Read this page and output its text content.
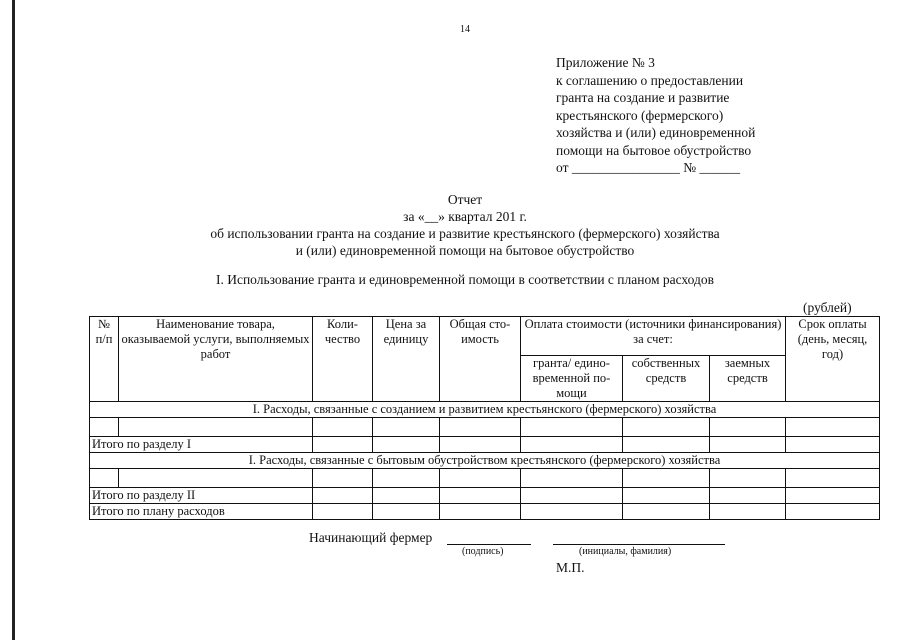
14
Приложение № 3
к соглашению о предоставлении
гранта на создание и развитие
крестьянского (фермерского)
хозяйства и (или) единовременной
помощи на бытовое обустройство
от ________________ № ______
Отчет
за «__» квартал 201 г.
об использовании гранта на создание и развитие крестьянского (фермерского) хозяйства
и (или) единовременной помощи на бытовое обустройство
I. Использование гранта и единовременной помощи в соответствии с планом расходов
(рублей)
№ п/п	Наименование товара, оказываемой услуги, выполняемых работ	Коли-чество	Цена за единицу	Общая сто-имость	Оплата стоимости (источники финансирования) за счет:			Срок оплаты (день, месяц, год)
					гранта/ едино-временной по-мощи	собственных средств	заемных средств	
I. Расходы, связанные с созданием и развитием крестьянского (фермерского) хозяйства								

Итого по разделу I								
I. Расходы, связанные с бытовым обустройством крестьянского (фермерского) хозяйства								

Итого по разделу II								
Итого по плану расходов								
Начинающий фермер
(подпись)	(инициалы, фамилия)
М.П.
